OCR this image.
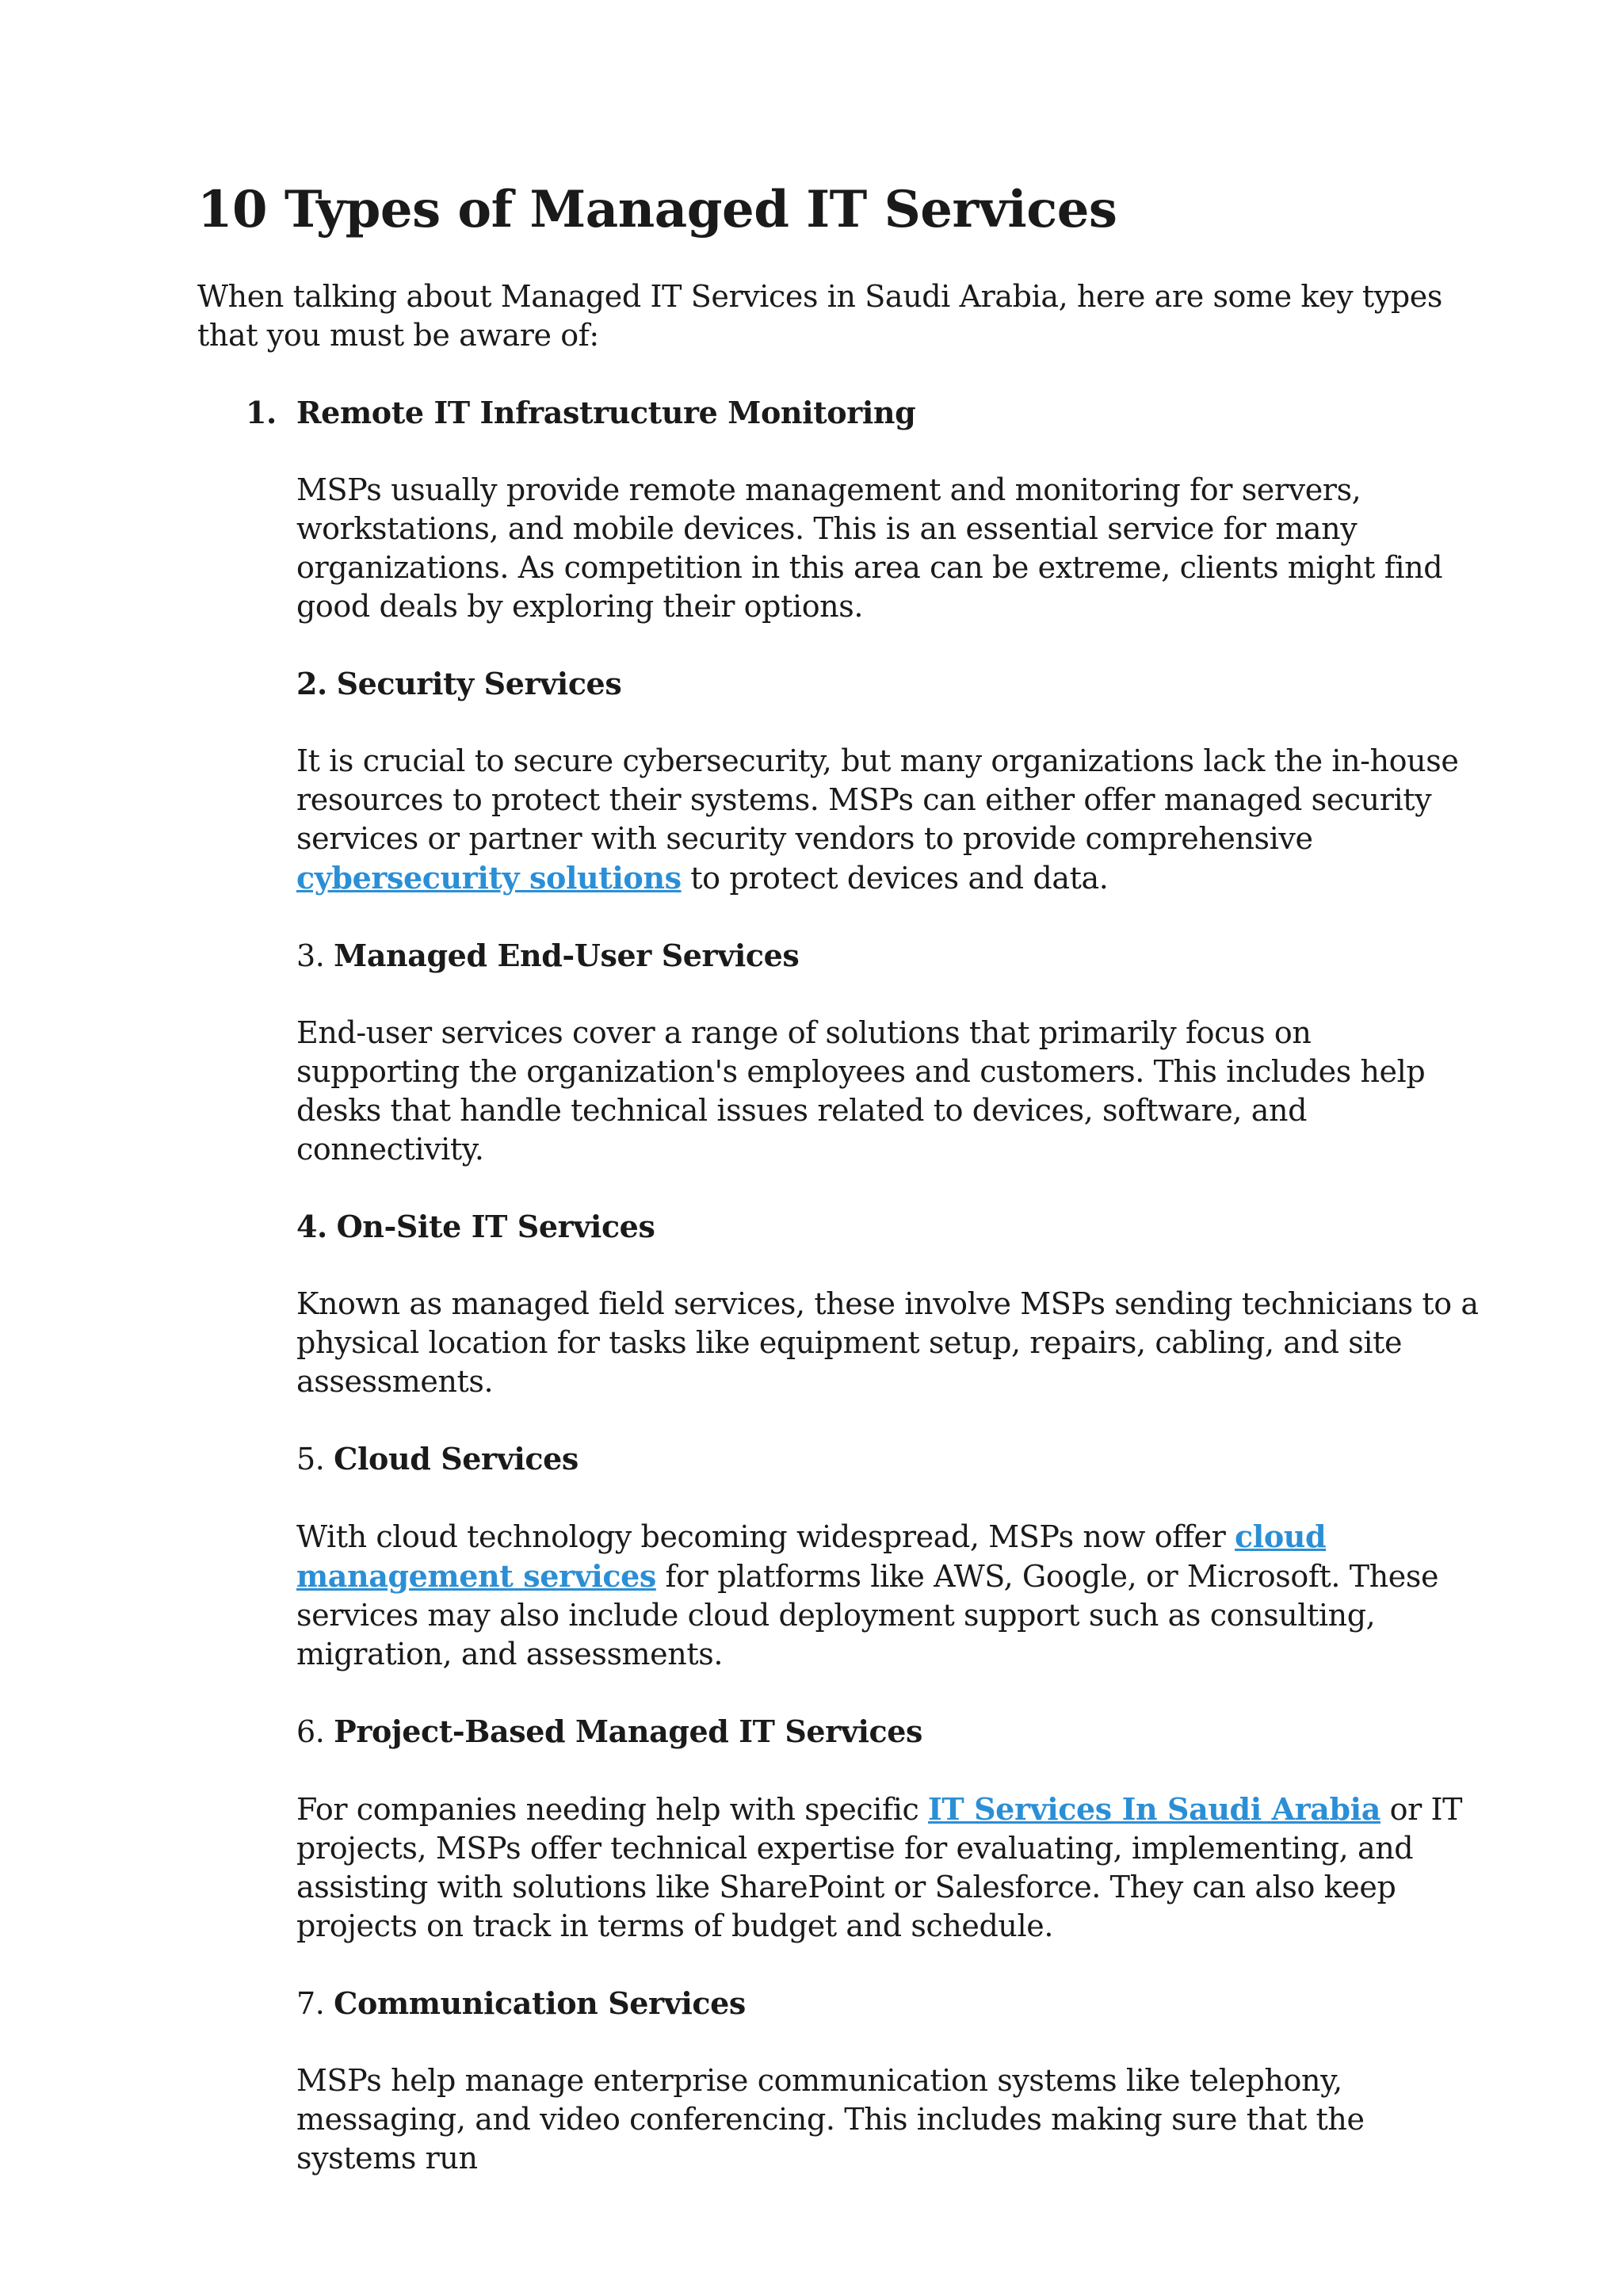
10 Types of Managed IT Services

When talking about Managed IT Services in Saudi Arabia, here are some key types that you must be aware of:

1. Remote IT Infrastructure Monitoring

MSPs usually provide remote management and monitoring for servers, workstations, and mobile devices. This is an essential service for many organizations. As competition in this area can be extreme, clients might find good deals by exploring their options.

2. Security Services

It is crucial to secure cybersecurity, but many organizations lack the in-house resources to protect their systems. MSPs can either offer managed security services or partner with security vendors to provide comprehensive cybersecurity solutions to protect devices and data.

3. Managed End-User Services

End-user services cover a range of solutions that primarily focus on supporting the organization's employees and customers. This includes help desks that handle technical issues related to devices, software, and connectivity.

4. On-Site IT Services

Known as managed field services, these involve MSPs sending technicians to a physical location for tasks like equipment setup, repairs, cabling, and site assessments.

5. Cloud Services

With cloud technology becoming widespread, MSPs now offer cloud management services for platforms like AWS, Google, or Microsoft. These services may also include cloud deployment support such as consulting, migration, and assessments.

6. Project-Based Managed IT Services

For companies needing help with specific IT Services In Saudi Arabia or IT projects, MSPs offer technical expertise for evaluating, implementing, and assisting with solutions like SharePoint or Salesforce. They can also keep projects on track in terms of budget and schedule.

7. Communication Services

MSPs help manage enterprise communication systems like telephony, messaging, and video conferencing. This includes making sure that the systems run
